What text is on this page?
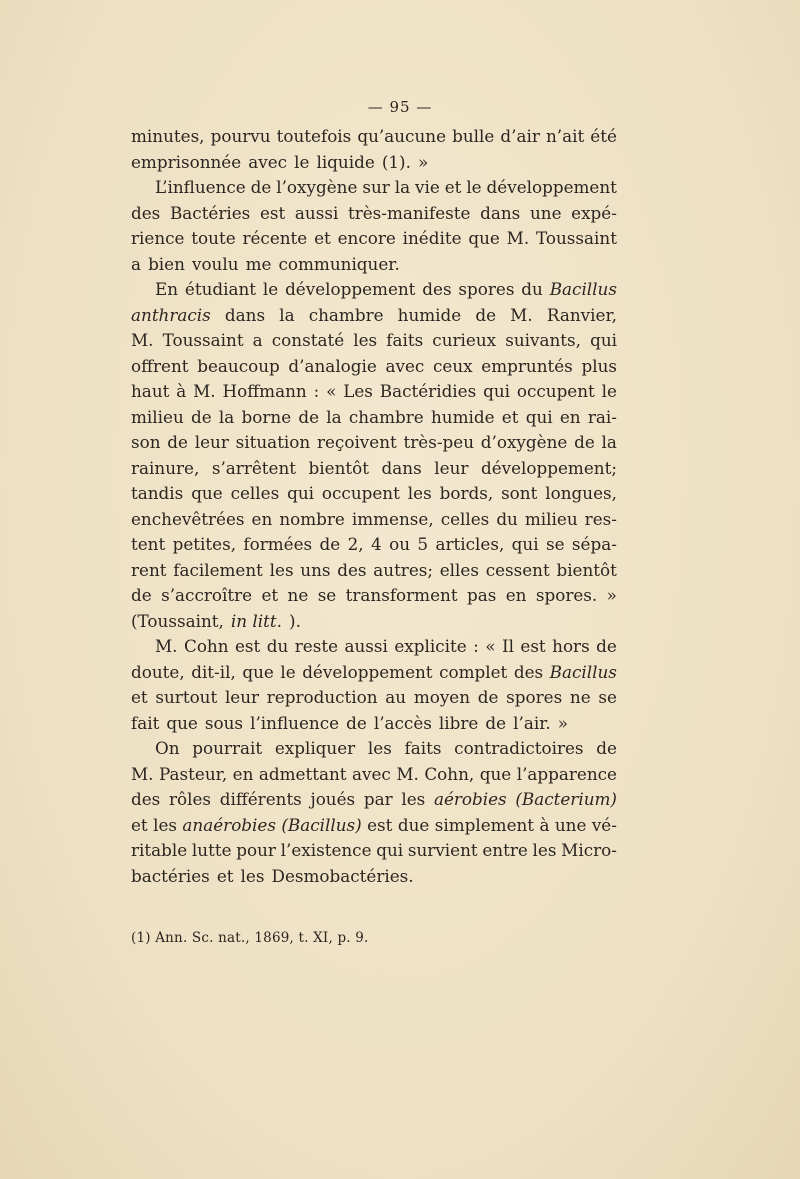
— 95 —
minutes, pourvu toutefois qu’aucune bulle d’air n’ait été
emprisonnée avec le liquide (1). »
L’influence de l’oxygène sur la vie et le développement
des Bactéries est aussi très-manifeste dans une expé-
rience toute récente et encore inédite que M. Toussaint
a bien voulu me communiquer.
En étudiant le développement des spores du Bacillus
anthracis dans la chambre humide de M. Ranvier,
M. Toussaint a constaté les faits curieux suivants, qui
offrent beaucoup d’analogie avec ceux empruntés plus
haut à M. Hoffmann : « Les Bactéridies qui occupent le
milieu de la borne de la chambre humide et qui en rai-
son de leur situation reçoivent très-peu d’oxygène de la
rainure, s’arrêtent bientôt dans leur développement;
tandis que celles qui occupent les bords, sont longues,
enchevêtrées en nombre immense, celles du milieu res-
tent petites, formées de 2, 4 ou 5 articles, qui se sépa-
rent facilement les uns des autres; elles cessent bientôt
de s’accroître et ne se transforment pas en spores. »
(Toussaint, in litt. ).
M. Cohn est du reste aussi explicite : « Il est hors de
doute, dit-il, que le développement complet des Bacillus
et surtout leur reproduction au moyen de spores ne se
fait que sous l’influence de l’accès libre de l’air. »
On pourrait expliquer les faits contradictoires de
M. Pasteur, en admettant avec M. Cohn, que l’apparence
des rôles différents joués par les aérobies (Bacterium)
et les anaérobies (Bacillus) est due simplement à une vé-
ritable lutte pour l’existence qui survient entre les Micro-
bactéries et les Desmobactéries.
(1) Ann. Sc. nat., 1869, t. XI, p. 9.
